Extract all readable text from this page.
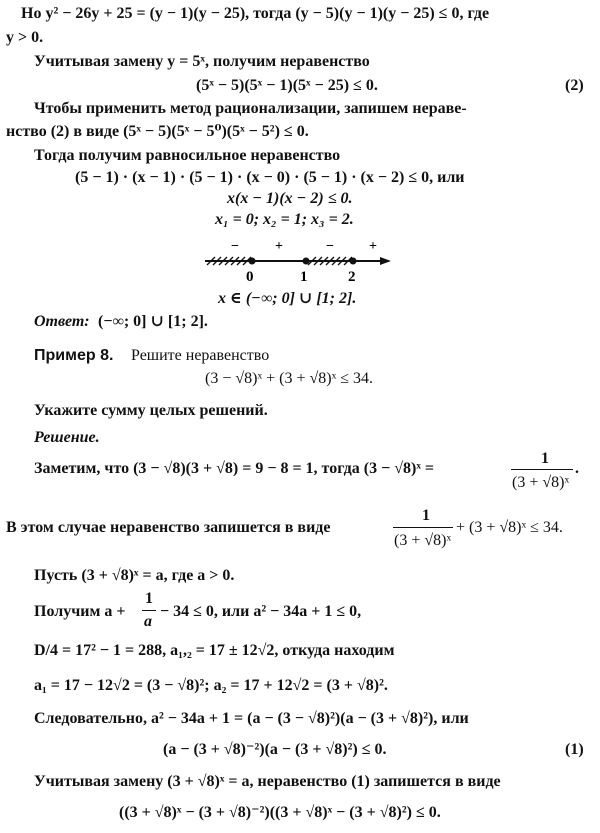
Но y² − 26y + 25 = (y − 1)(y − 25), тогда (y − 5)(y − 1)(y − 25) ≤ 0, где
y > 0.
Учитывая замену y = 5ˣ, получим неравенство
(5ˣ − 5)(5ˣ − 1)(5ˣ − 25) ≤ 0.	(2)
Чтобы применить метод рационализации, запишем нераве-
нство (2) в виде (5ˣ − 5)(5ˣ − 5⁰)(5ˣ − 5²) ≤ 0.
Тогда получим равносильное неравенство
(5 − 1) · (x − 1) · (5 − 1) · (x − 0) · (5 − 1) · (x − 2) ≤ 0, или
x(x − 1)(x − 2) ≤ 0.
x₁ = 0; x₂ = 1; x₃ = 2.
−	+	−	+
0	1	2
x ∈ (−∞; 0] ∪ [1; 2].
Ответ: (−∞; 0] ∪ [1; 2].
Пример 8. Решите неравенство
(3 − √8)ˣ + (3 + √8)ˣ ≤ 34.
Укажите сумму целых решений.
Решение.
Заметим, что (3 − √8)(3 + √8) = 9 − 8 = 1, тогда (3 − √8)ˣ =
1
(3 + √8)ˣ
.
В этом случае неравенство запишется в виде
1
(3 + √8)ˣ
+ (3 + √8)ˣ ≤ 34.
Пусть (3 + √8)ˣ = a, где a > 0.
Получим a +
1
a
− 34 ≤ 0, или a² − 34a + 1 ≤ 0,
D/4 = 17² − 1 = 288, a₁,₂ = 17 ± 12√2, откуда находим
a₁ = 17 − 12√2 = (3 − √8)²; a₂ = 17 + 12√2 = (3 + √8)².
Следовательно, a² − 34a + 1 = (a − (3 − √8)²)(a − (3 + √8)²), или
(a − (3 + √8)⁻²)(a − (3 + √8)²) ≤ 0.	(1)
Учитывая замену (3 + √8)ˣ = a, неравенство (1) запишется в виде
((3 + √8)ˣ − (3 + √8)⁻²)((3 + √8)ˣ − (3 + √8)²) ≤ 0.
